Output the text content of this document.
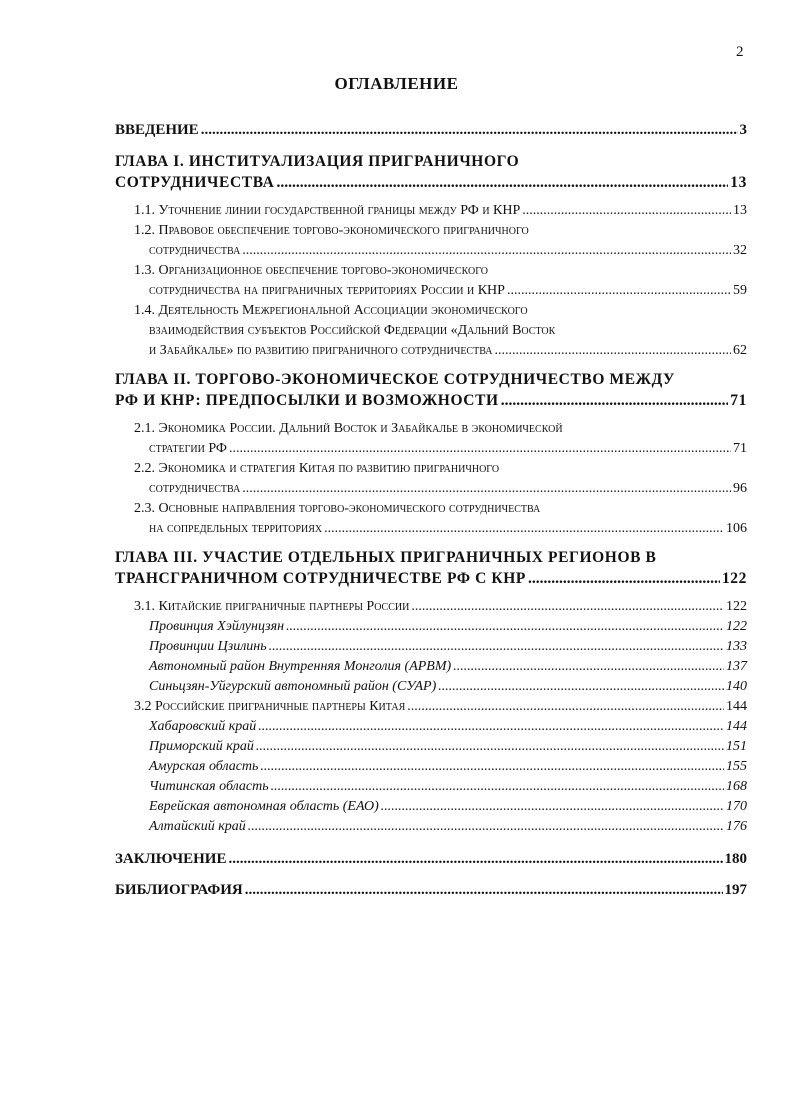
2
ОГЛАВЛЕНИЕ
ВВЕДЕНИЕ .....	3
ГЛАВА I. ИНСТИТУАЛИЗАЦИЯ ПРИГРАНИЧНОГО
СОТРУДНИЧЕСТВА .....	13
1.1. Уточнение линии государственной границы между РФ и КНР .....	13
1.2. Правовое обеспечение торгово-экономического приграничного
сотрудничества .....	32
1.3. Организационное обеспечение торгово-экономического
сотрудничества на приграничных территориях России и КНР .....	59
1.4. Деятельность Межрегиональной Ассоциации экономического
взаимодействия субъектов Российской Федерации «Дальний Восток
и Забайкалье» по развитию приграничного сотрудничества .....	62
ГЛАВА II. ТОРГОВО-ЭКОНОМИЧЕСКОЕ СОТРУДНИЧЕСТВО МЕЖДУ
РФ И КНР: ПРЕДПОСЫЛКИ И ВОЗМОЖНОСТИ .....	71
2.1. Экономика России. Дальний Восток и Забайкалье в экономической
стратегии РФ .....	71
2.2. Экономика и стратегия Китая по развитию приграничного
сотрудничества .....	96
2.3. Основные направления торгово-экономического сотрудничества
на сопредельных территориях .....	106
ГЛАВА III. УЧАСТИЕ ОТДЕЛЬНЫХ ПРИГРАНИЧНЫХ РЕГИОНОВ В
ТРАНСГРАНИЧНОМ СОТРУДНИЧЕСТВЕ РФ С КНР .....	122
3.1. Китайские приграничные партнеры России .....	122
Провинция Хэйлунцзян .....	122
Провинции Цзилинь .....	133
Автономный район Внутренняя Монголия (АРВМ) .....	137
Синьцзян-Уйгурский автономный район (СУАР) .....	140
3.2 Российские приграничные партнеры Китая .....	144
Хабаровский край .....	144
Приморский край .....	151
Амурская область .....	155
Читинская область .....	168
Еврейская автономная область (ЕАО) .....	170
Алтайский край .....	176
ЗАКЛЮЧЕНИЕ .....	180
БИБЛИОГРАФИЯ .....	197
